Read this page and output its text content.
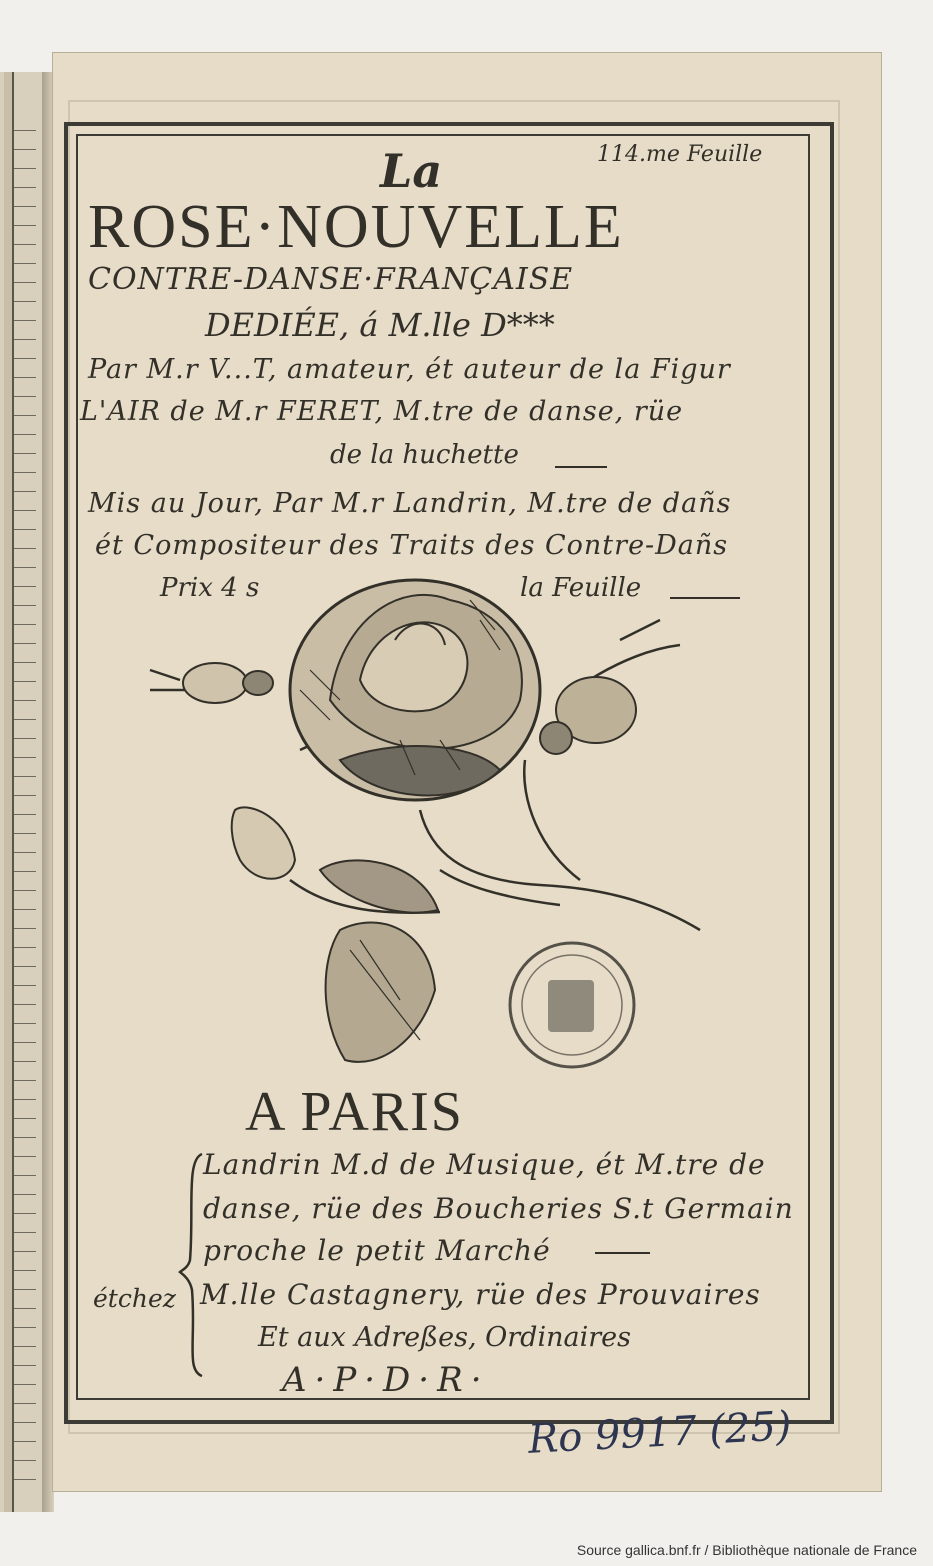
114.me Feuille
La
ROSE·NOUVELLE
CONTRE-DANSE·FRANÇAISE
DEDIÉE, á M.lle D***
Par M.r V...T, amateur, ét auteur de la Figur
L'AIR de M.r FERET, M.tre de danse, rüe
de la huchette
Mis au Jour, Par M.r Landrin, M.tre de dañs
ét Compositeur des Traits des Contre-Dañs
Prix 4 s	la Feuille
A PARIS
Landrin M.d de Musique, ét M.tre de
danse, rüe des Boucheries S.t Germain
proche le petit Marché
étchez M.lle Castagnery, rüe des Prouvaires
Et aux Adreßes, Ordinaires
A·P·D·R·
Ro 9917 (25)
Source gallica.bnf.fr / Bibliothèque nationale de France
